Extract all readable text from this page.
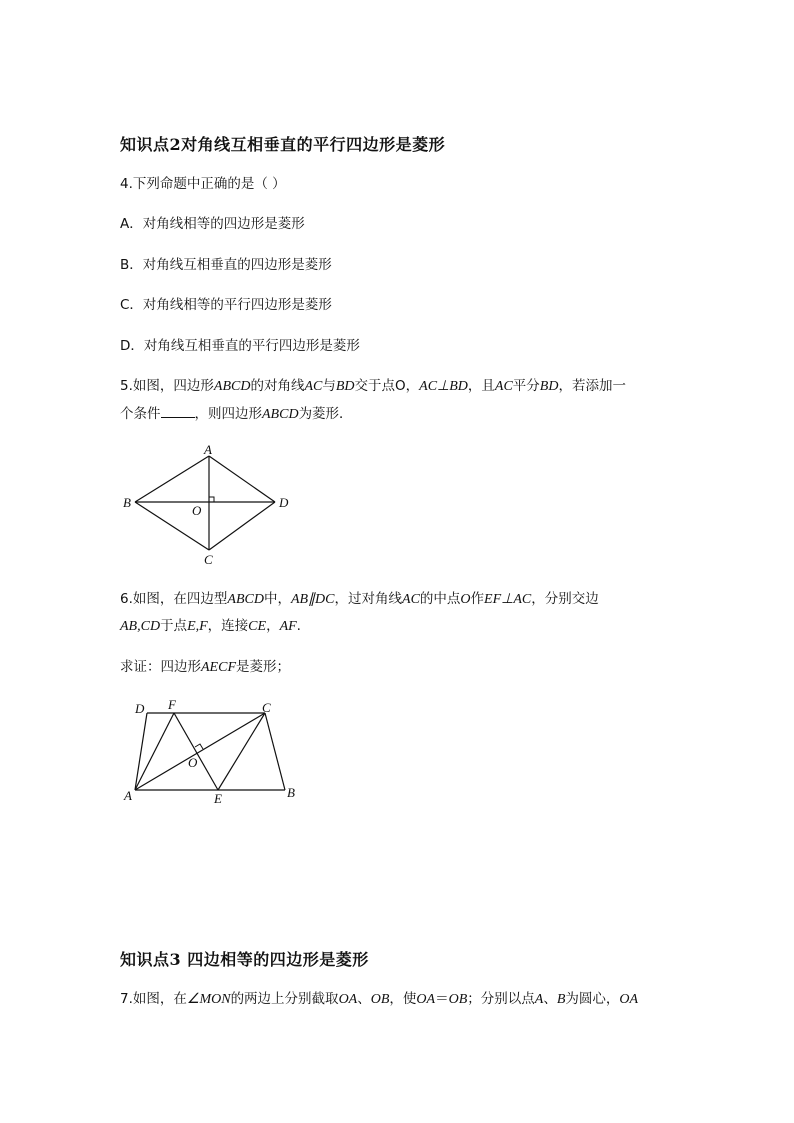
知识点2对角线互相垂直的平行四边形是菱形
4.下列命题中正确的是（ ）
A．对角线相等的四边形是菱形
B．对角线互相垂直的四边形是菱形
C．对角线相等的平行四边形是菱形
D．对角线互相垂直的平行四边形是菱形
5.如图，四边形ABCD的对角线AC与BD交于点O，AC⊥BD，且AC平分BD，若添加一
个条件	，则四边形ABCD为菱形．
A
B	D
C
O
6.如图，在四边型ABCD中，AB∥DC，过对角线AC的中点O作EF⊥AC，分别交边
AB,CD于点E,F，连接CE，AF.
求证：四边形AECF是菱形；
D F	C
O
A	E	B
知识点3 四边相等的四边形是菱形
7.如图，在∠MON的两边上分别截取OA、OB，使OA＝OB；分别以点A、B为圆心，OA
